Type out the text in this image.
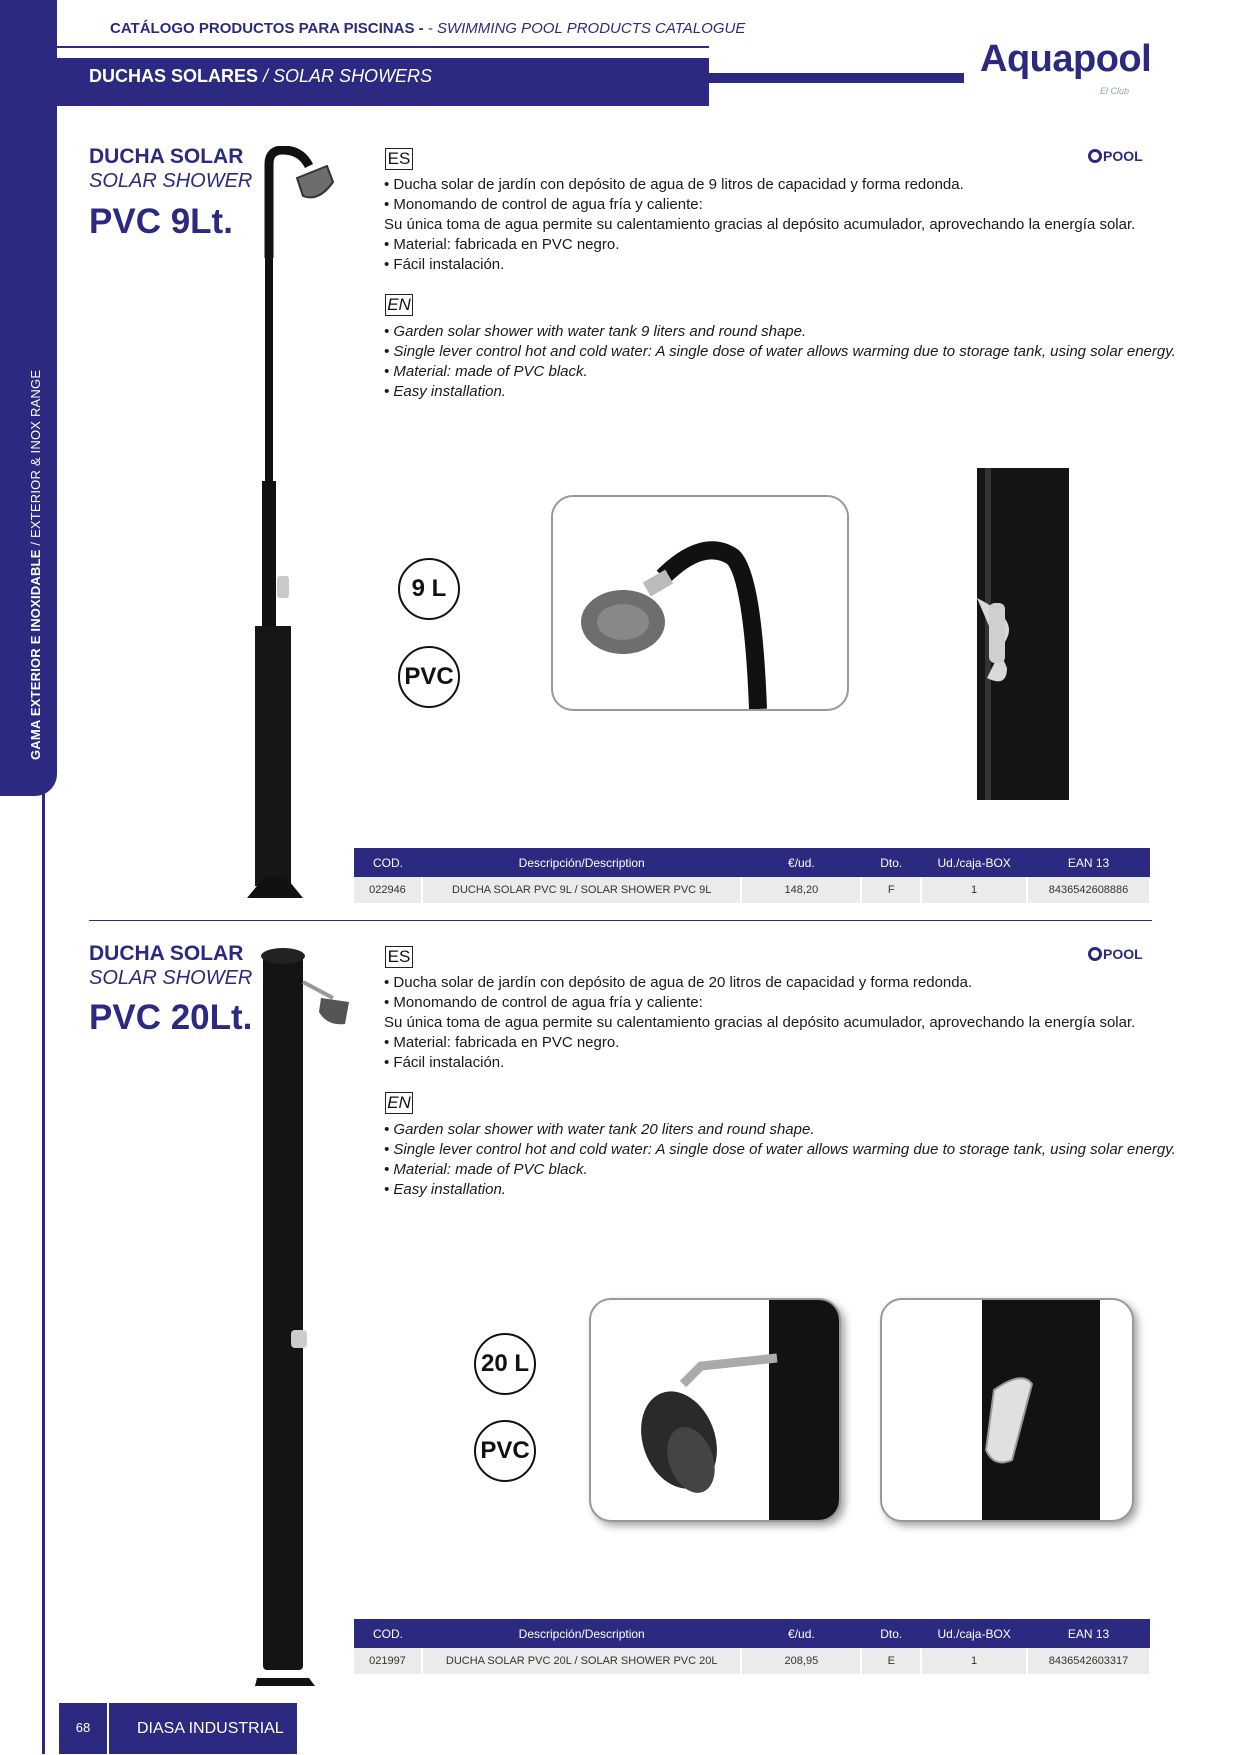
GAMA EXTERIOR E INOXIDABLE / EXTERIOR & INOX RANGE
CATÁLOGO PRODUCTOS PARA PISCINAS - - SWIMMING POOL PRODUCTS CATALOGUE
DUCHAS SOLARES / SOLAR SHOWERS	Aquapool
El Club
DUCHA SOLAR
SOLAR SHOWER
PVC 9Lt.
ES	POOL
• Ducha solar de jardín con depósito de agua de 9 litros de capacidad y forma redonda.
• Monomando de control de agua fría y caliente:
Su única toma de agua permite su calentamiento gracias al depósito acumulador, aprovechando la energía solar.
• Material: fabricada en PVC negro.
• Fácil instalación.
EN
• Garden solar shower with water tank 9 liters and round shape.
• Single lever control hot and cold water: A single dose of water allows warming due to storage tank, using solar energy.
• Material: made of PVC black.
• Easy installation.
9 L
PVC
COD.	Descripción/Description	€/ud.	Dto.	Ud./caja-BOX	EAN 13
022946	DUCHA SOLAR PVC 9L / SOLAR SHOWER PVC 9L	148,20	F	1	8436542608886
DUCHA SOLAR
SOLAR SHOWER
PVC 20Lt.
ES	POOL
• Ducha solar de jardín con depósito de agua de 20 litros de capacidad y forma redonda.
• Monomando de control de agua fría y caliente:
Su única toma de agua permite su calentamiento gracias al depósito acumulador, aprovechando la energía solar.
• Material: fabricada en PVC negro.
• Fácil instalación.
EN
• Garden solar shower with water tank 20 liters and round shape.
• Single lever control hot and cold water: A single dose of water allows warming due to storage tank, using solar energy.
• Material: made of PVC black.
• Easy installation.
20 L
PVC
COD.	Descripción/Description	€/ud.	Dto.	Ud./caja-BOX	EAN 13
021997	DUCHA SOLAR PVC 20L / SOLAR SHOWER PVC 20L	208,95	E	1	8436542603317
68	DIASA INDUSTRIAL
